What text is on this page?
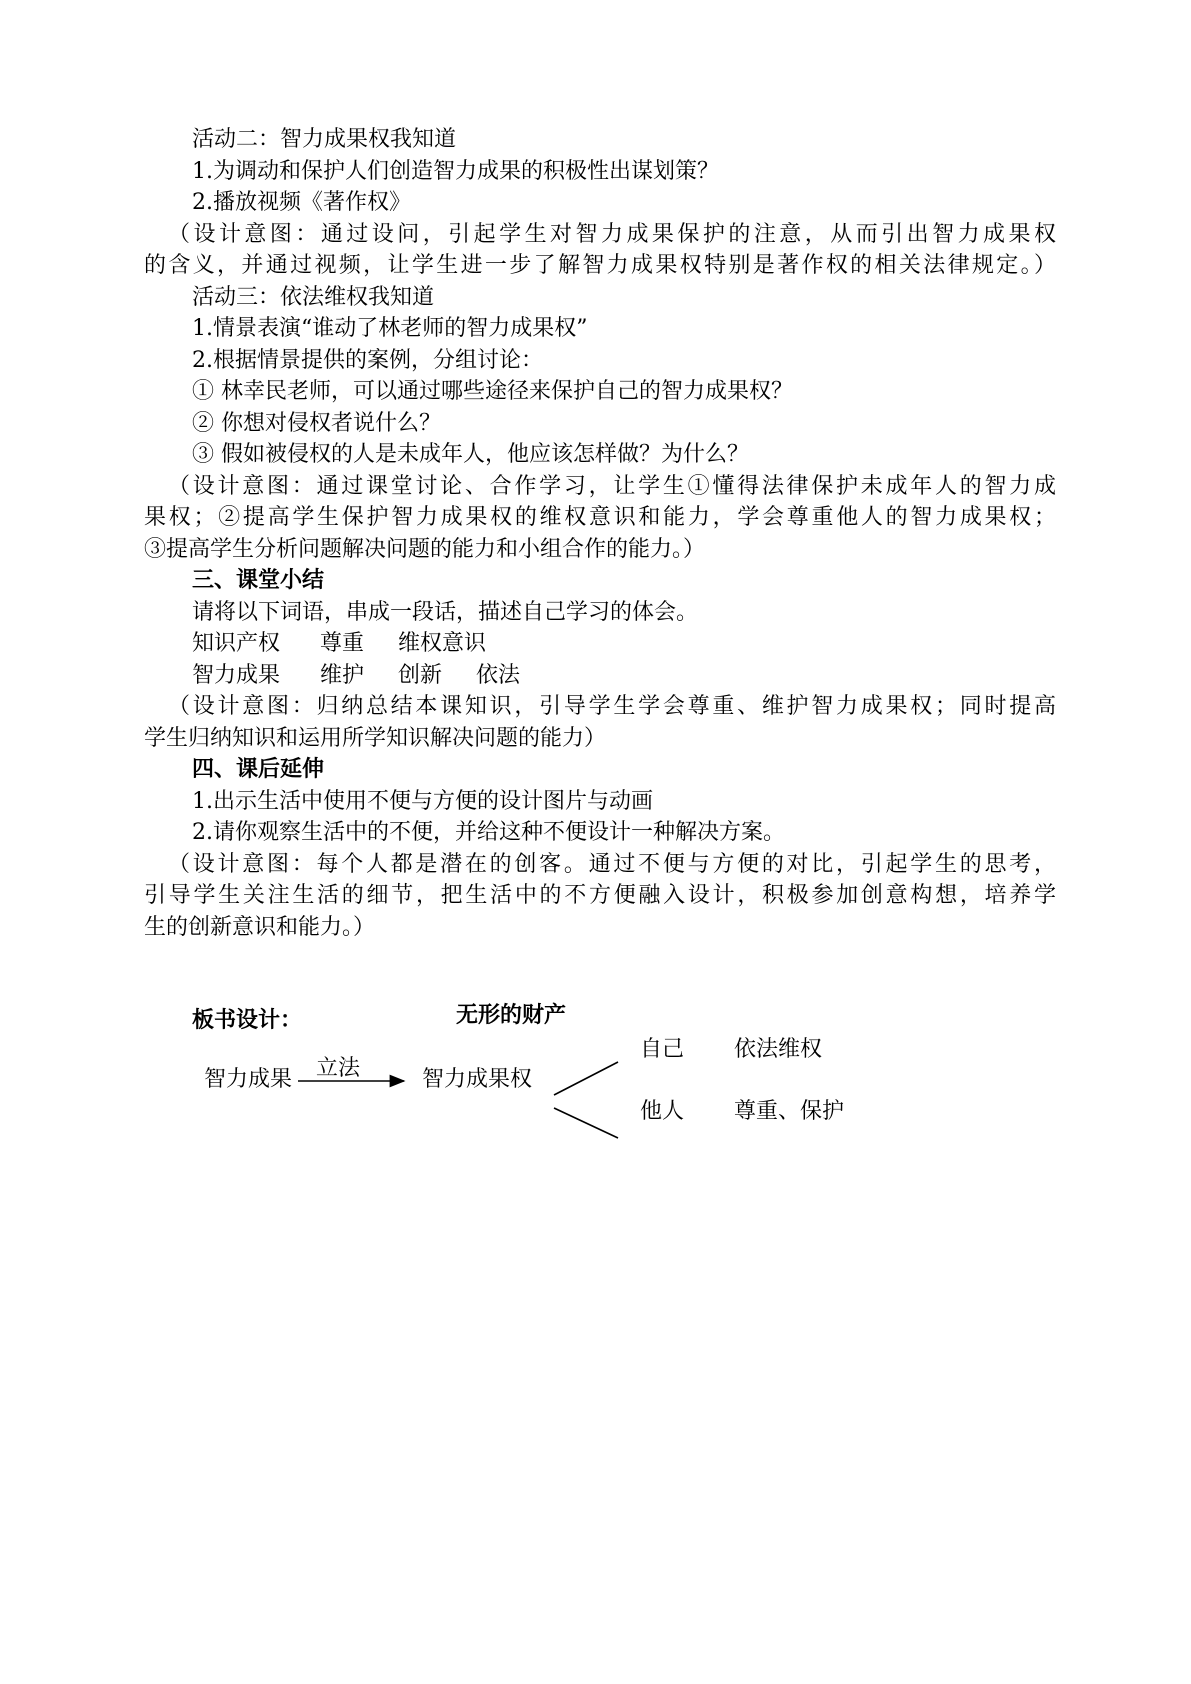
活动二：智力成果权我知道
1.为调动和保护人们创造智力成果的积极性出谋划策？
2.播放视频《著作权》
（设计意图：通过设问，引起学生对智力成果保护的注意，从而引出智力成果权
的含义，并通过视频，让学生进一步了解智力成果权特别是著作权的相关法律规定。）
活动三：依法维权我知道
1.情景表演“谁动了林老师的智力成果权”
2.根据情景提供的案例，分组讨论：
① 林幸民老师，可以通过哪些途径来保护自己的智力成果权？
② 你想对侵权者说什么？
③ 假如被侵权的人是未成年人，他应该怎样做？为什么？
（设计意图：通过课堂讨论、合作学习，让学生①懂得法律保护未成年人的智力成
果权；②提高学生保护智力成果权的维权意识和能力，学会尊重他人的智力成果权；
③提高学生分析问题解决问题的能力和小组合作的能力。）
三、课堂小结
请将以下词语，串成一段话，描述自己学习的体会。
知识产权 尊重 维权意识
智力成果 维护 创新 依法
（设计意图：归纳总结本课知识，引导学生学会尊重、维护智力成果权；同时提高
学生归纳知识和运用所学知识解决问题的能力）
四、课后延伸
1.出示生活中使用不便与方便的设计图片与动画
2.请你观察生活中的不便，并给这种不便设计一种解决方案。
（设计意图：每个人都是潜在的创客。通过不便与方便的对比，引起学生的思考，
引导学生关注生活的细节，把生活中的不方便融入设计，积极参加创意构想，培养学
生的创新意识和能力。）
板书设计：	无形的财产
智力成果 立法	智力成果权
自己 依法维权
他人 尊重、保护
